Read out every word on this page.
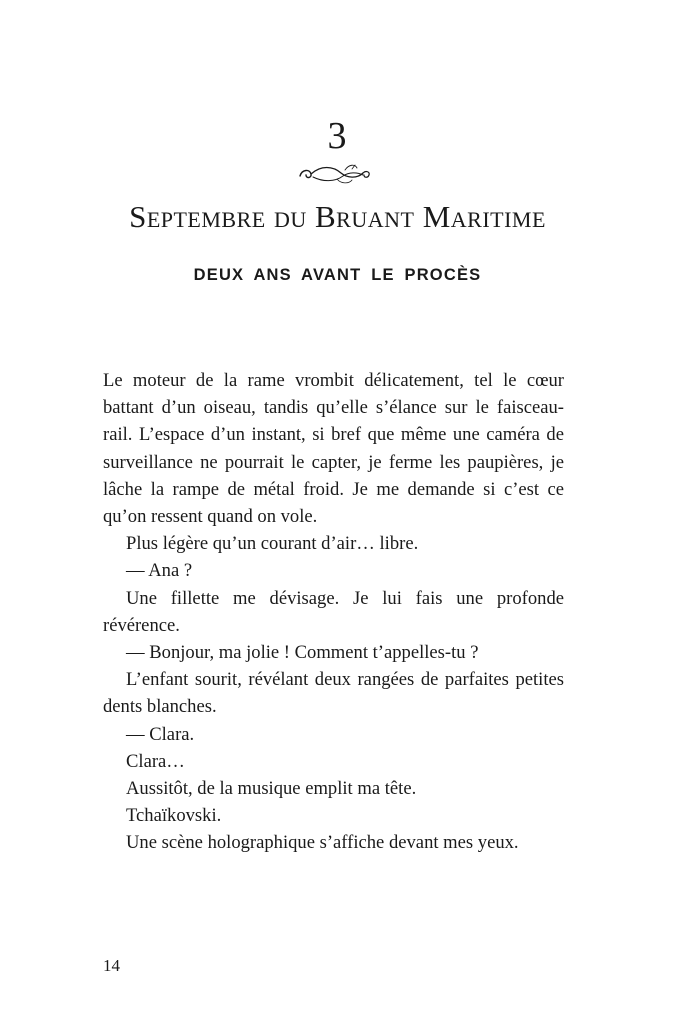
3
Septembre du Bruant Maritime
DEUX ANS AVANT LE PROCÈS

Le moteur de la rame vrombit délicatement, tel le cœur battant d’un oiseau, tandis qu’elle s’élance sur le faisceau-rail. L’espace d’un instant, si bref que même une caméra de surveillance ne pourrait le capter, je ferme les paupières, je lâche la rampe de métal froid. Je me demande si c’est ce qu’on ressent quand on vole.

Plus légère qu’un courant d’air… libre.

— Ana ?

Une fillette me dévisage. Je lui fais une profonde révérence.

— Bonjour, ma jolie ! Comment t’appelles-tu ?

L’enfant sourit, révélant deux rangées de parfaites petites dents blanches.

— Clara.

Clara…

Aussitôt, de la musique emplit ma tête.

Tchaïkovski.

Une scène holographique s’affiche devant mes yeux.

14
